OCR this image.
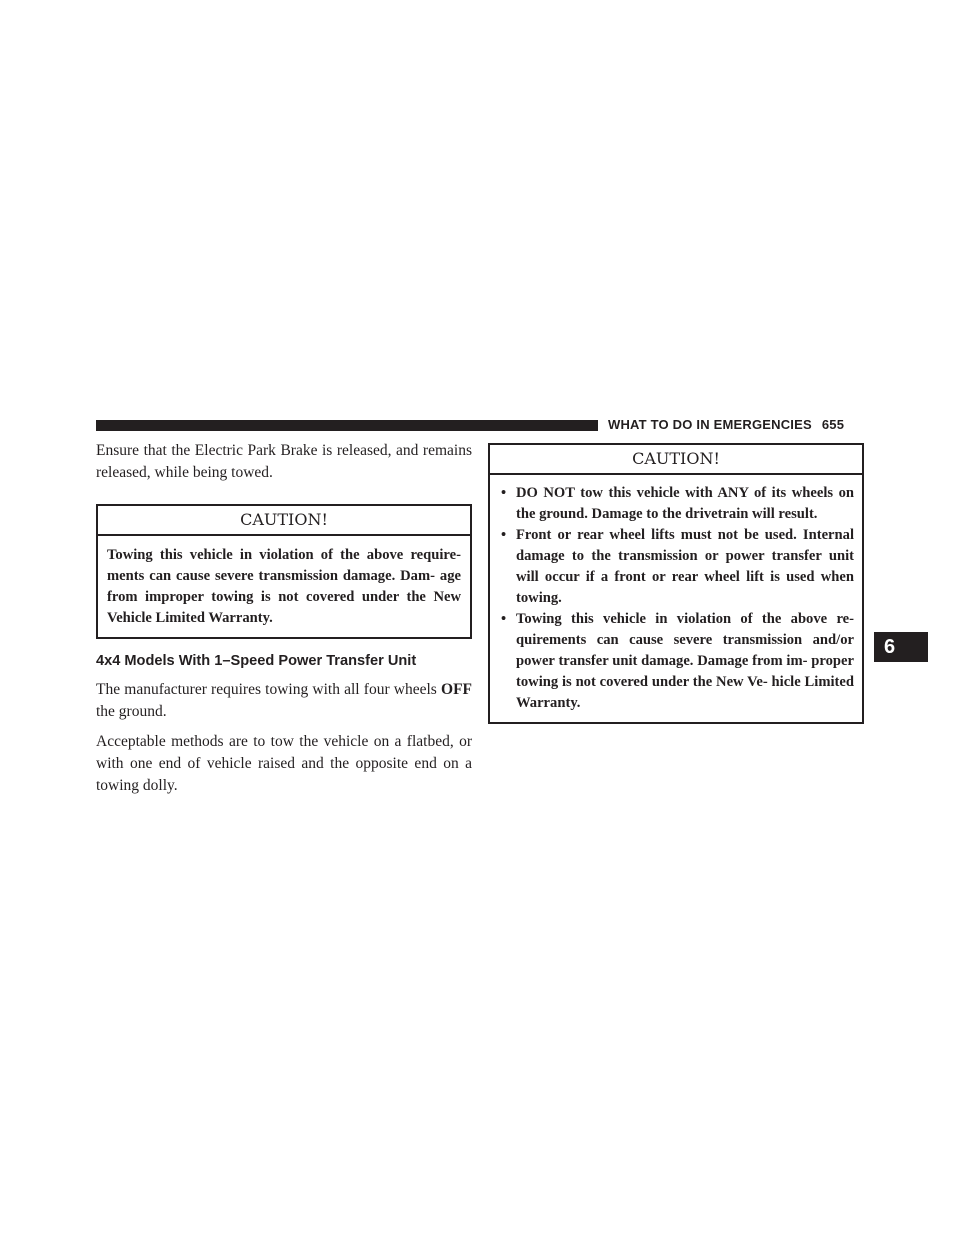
WHAT TO DO IN EMERGENCIES 655
6

Ensure that the Electric Park Brake is released, and remains released, while being towed.

CAUTION!
Towing this vehicle in violation of the above require- ments can cause severe transmission damage. Dam- age from improper towing is not covered under the New Vehicle Limited Warranty.
4x4 Models With 1–Speed Power Transfer Unit

The manufacturer requires towing with all four wheels OFF the ground.

Acceptable methods are to tow the vehicle on a flatbed, or with one end of vehicle raised and the opposite end on a towing dolly.

CAUTION!
• DO NOT tow this vehicle with ANY of its wheels on the ground. Damage to the drivetrain will result.
• Front or rear wheel lifts must not be used. Internal damage to the transmission or power transfer unit will occur if a front or rear wheel lift is used when towing.
• Towing this vehicle in violation of the above re- quirements can cause severe transmission and/or power transfer unit damage. Damage from im- proper towing is not covered under the New Ve- hicle Limited Warranty.
